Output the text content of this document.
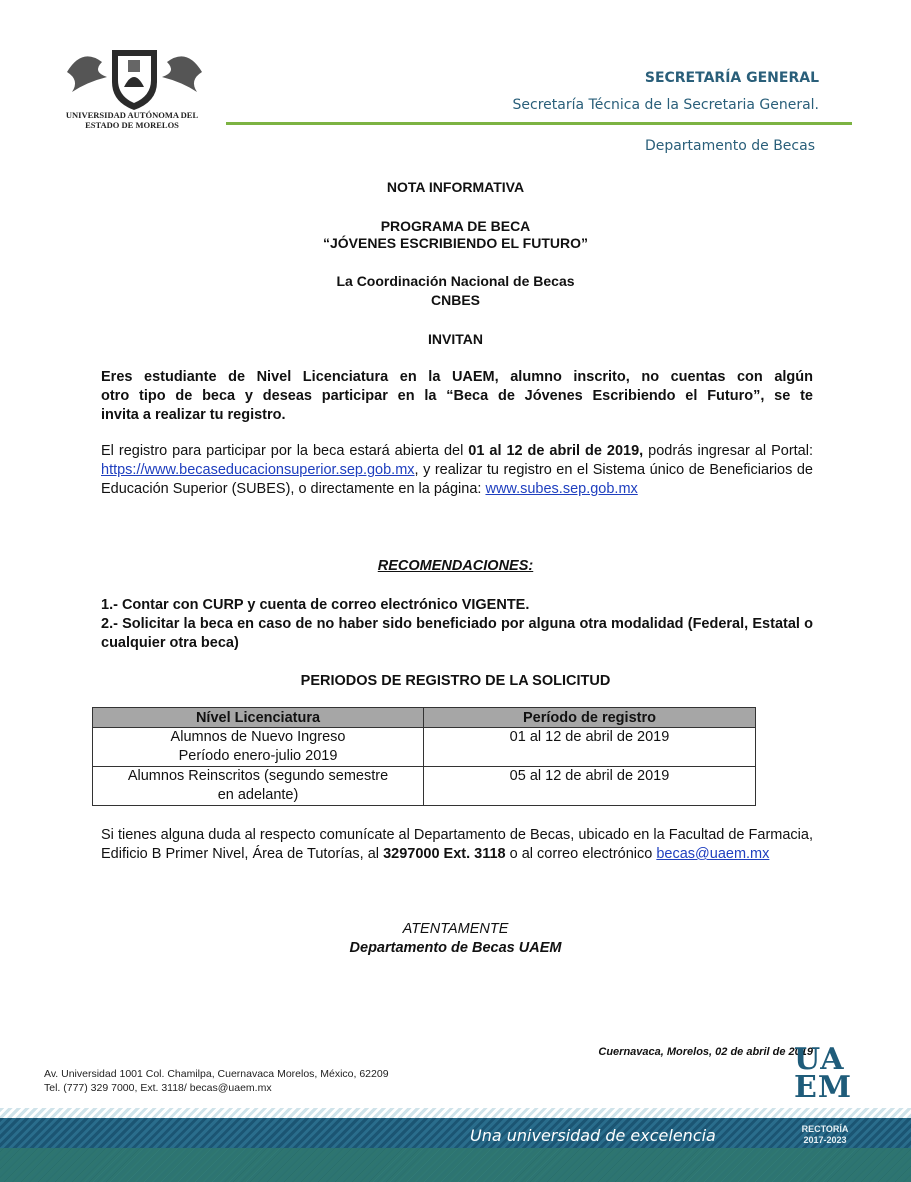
UNIVERSIDAD AUTÓNOMA DEL
ESTADO DE MORELOS
SECRETARÍA GENERAL
Secretaría Técnica de la Secretaria General.
Departamento de Becas
NOTA INFORMATIVA
PROGRAMA DE BECA
“JÓVENES ESCRIBIENDO EL FUTURO”
La Coordinación Nacional de Becas
CNBES
INVITAN
Eres estudiante de Nivel Licenciatura en la UAEM, alumno inscrito, no cuentas con algún
otro tipo de beca y deseas participar en la “Beca de Jóvenes Escribiendo el Futuro”, se te
invita a realizar tu registro.
El registro para participar por la beca estará abierta del 01 al 12 de abril de 2019, podrás ingresar al Portal: https://www.becaseducacionsuperior.sep.gob.mx, y realizar tu registro en el Sistema único de Beneficiarios de Educación Superior (SUBES), o directamente en la página: www.subes.sep.gob.mx
RECOMENDACIONES:
1.- Contar con CURP y cuenta de correo electrónico VIGENTE.
2.- Solicitar la beca en caso de no haber sido beneficiado por alguna otra modalidad (Federal, Estatal o cualquier otra beca)
PERIODOS DE REGISTRO DE LA SOLICITUD
Nível Licenciatura	Período de registro

Alumnos de Nuevo Ingreso
Período enero-julio 2019	01 al 12 de abril de 2019

Alumnos Reinscritos (segundo semestre
en adelante)	05 al 12 de abril de 2019
Si tienes alguna duda al respecto comunícate al Departamento de Becas, ubicado en la Facultad de Farmacia, Edificio B Primer Nivel, Área de Tutorías, al 3297000 Ext. 3118 o al correo electrónico becas@uaem.mx
ATENTAMENTE
Departamento de Becas UAEM
Cuernavaca, Morelos, 02 de abril de 2019
Av. Universidad 1001 Col. Chamilpa, Cuernavaca Morelos, México, 62209
Tel. (777) 329 7000, Ext. 3118/ becas@uaem.mx
UA
EM
Una universidad de excelencia	RECTORÍA
2017-2023
